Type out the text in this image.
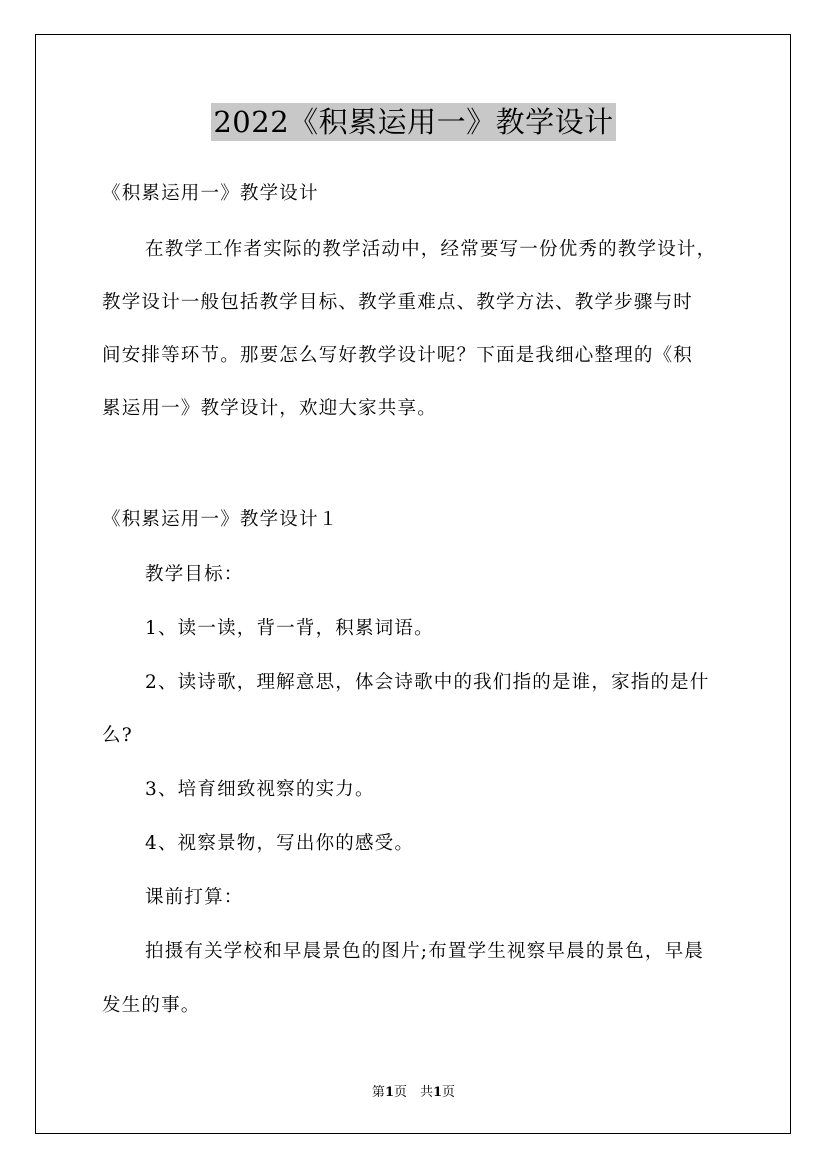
2022《积累运用一》教学设计
《积累运用一》教学设计
在教学工作者实际的教学活动中，经常要写一份优秀的教学设计，
教学设计一般包括教学目标、教学重难点、教学方法、教学步骤与时
间安排等环节。那要怎么写好教学设计呢？下面是我细心整理的《积
累运用一》教学设计，欢迎大家共享。
《积累运用一》教学设计１
教学目标：
1、读一读，背一背，积累词语。
2、读诗歌，理解意思，体会诗歌中的我们指的是谁，家指的是什
么?
3、培育细致视察的实力。
4、视察景物，写出你的感受。
课前打算：
拍摄有关学校和早晨景色的图片;布置学生视察早晨的景色，早晨
发生的事。
第1页　共1页
